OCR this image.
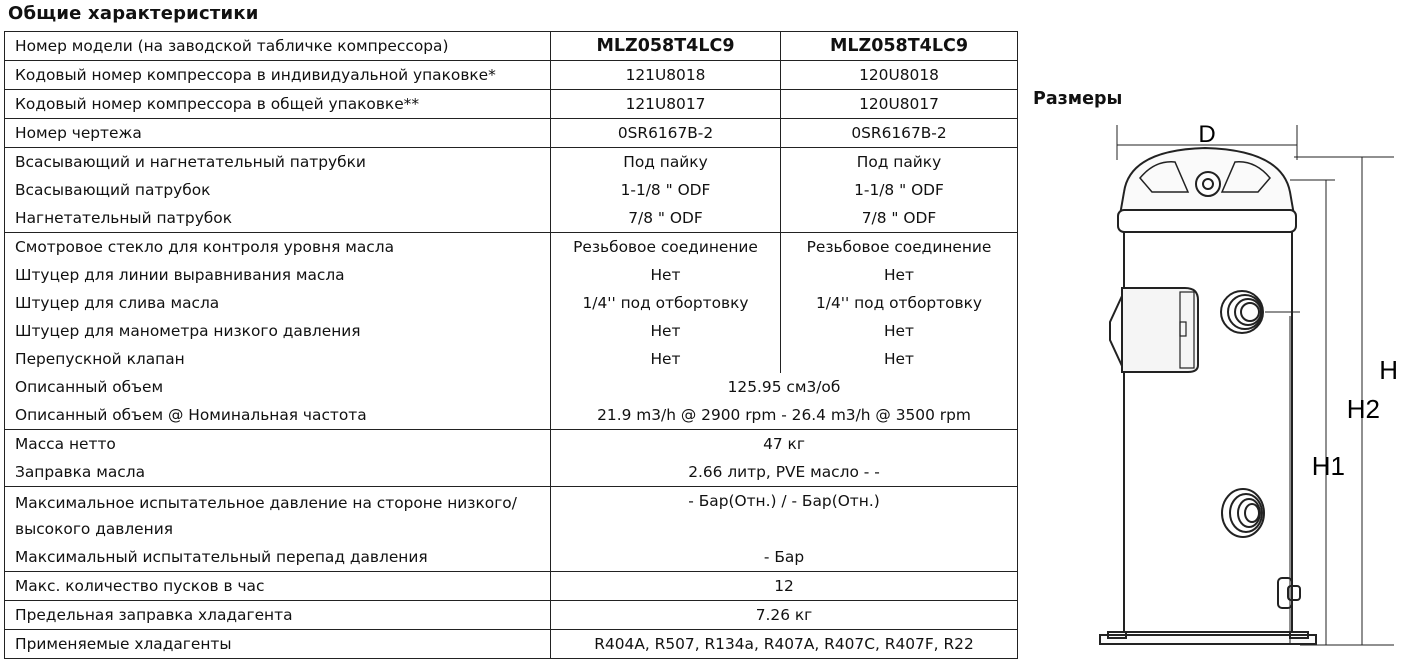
Общие характеристики
Номер модели (на заводской табличке компрессора)	MLZ058T4LC9	MLZ058T4LC9
Кодовый номер компрессора в индивидуальной упаковке*	121U8018	120U8018
Кодовый номер компрессора в общей упаковке**	121U8017	120U8017
Номер чертежа	0SR6167B-2	0SR6167B-2
Всасывающий и нагнетательный патрубки	Под пайку	Под пайку
Всасывающий патрубок	1-1/8 " ODF	1-1/8 " ODF
Нагнетательный патрубок	7/8 " ODF	7/8 " ODF
Смотровое стекло для контроля уровня масла	Резьбовое соединение	Резьбовое соединение
Штуцер для линии выравнивания масла	Нет	Нет
Штуцер для слива масла	1/4'' под отбортовку	1/4'' под отбортовку
Штуцер для манометра низкого давления	Нет	Нет
Перепускной клапан	Нет	Нет
Описанный объем	125.95 см3/об	
Описанный объем @ Номинальная частота	21.9 m3/h @ 2900 rpm - 26.4 m3/h @ 3500 rpm	
Масса нетто	47 кг	
Заправка масла	2.66 литр, PVE масло - -	
Максимальное испытательное давление на стороне низкого/высокого давления	- Бар(Отн.) / - Бар(Отн.)	
Максимальный испытательный перепад давления	- Бар	
Макс. количество пусков в час	12	
Предельная заправка хладагента	7.26 кг	
Применяемые хладагенты	R404A, R507, R134a, R407A, R407C, R407F, R22	
Размеры
D
H
H2
H1
